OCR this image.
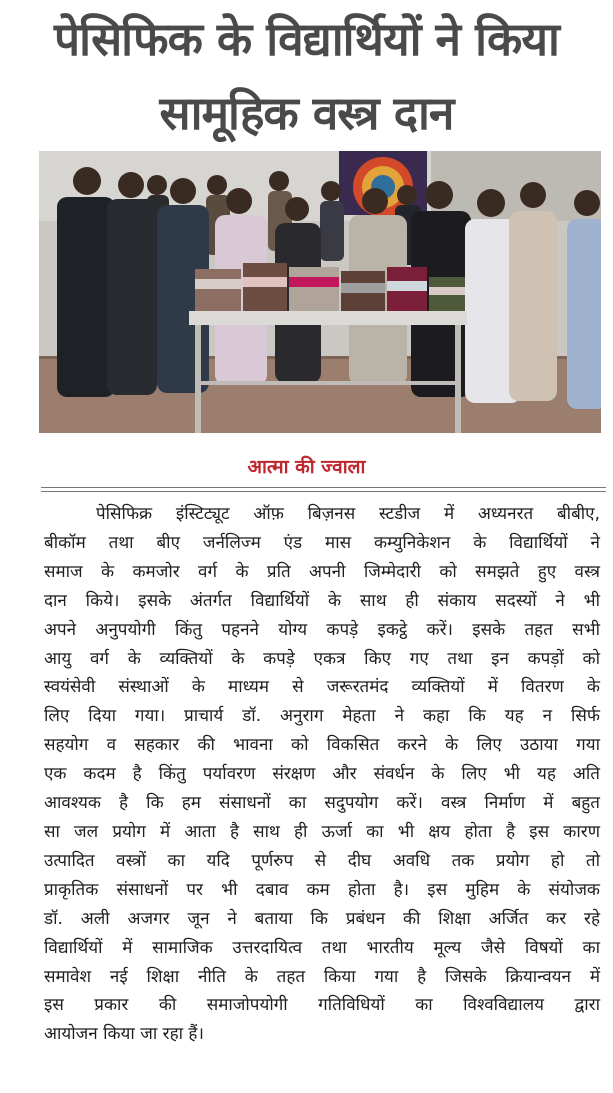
पेसिफिक के विद्यार्थियों ने किया
सामूहिक वस्त्र दान
आत्मा की ज्वाला
पेसिफिक्र इंस्टिट्यूट ऑफ़ बिज़नस स्टडीज में अध्यनरत बीबीए,
बीकॉम तथा बीए जर्नलिज्म एंड मास कम्युनिकेशन के विद्यार्थियों ने
समाज के कमजोर वर्ग के प्रति अपनी जिम्मेदारी को समझते हुए वस्त्र
दान किये। इसके अंतर्गत विद्यार्थियों के साथ ही संकाय सदस्यों ने भी
अपने अनुपयोगी किंतु पहनने योग्य कपड़े इकट्ठे करें। इसके तहत सभी
आयु वर्ग के व्यक्तियों के कपड़े एकत्र किए गए तथा इन कपड़ों को
स्वयंसेवी संस्थाओं के माध्यम से जरूरतमंद व्यक्तियों में वितरण के
लिए दिया गया। प्राचार्य डॉ. अनुराग मेहता ने कहा कि यह न सिर्फ
सहयोग व सहकार की भावना को विकसित करने के लिए उठाया गया
एक कदम है किंतु पर्यावरण संरक्षण और संवर्धन के लिए भी यह अति
आवश्यक है कि हम संसाधनों का सदुपयोग करें। वस्त्र निर्माण में बहुत
सा जल प्रयोग में आता है साथ ही ऊर्जा का भी क्षय होता है इस कारण
उत्पादित वस्त्रों का यदि पूर्णरुप से दीघ अवधि तक प्रयोग हो तो
प्राकृतिक संसाधनों पर भी दबाव कम होता है। इस मुहिम के संयोजक
डॉ. अली अजगर जून ने बताया कि प्रबंधन की शिक्षा अर्जित कर रहे
विद्यार्थियों में सामाजिक उत्तरदायित्व तथा भारतीय मूल्य जैसे विषयों का
समावेश नई शिक्षा नीति के तहत किया गया है जिसके क्रियान्वयन में
इस प्रकार की समाजोपयोगी गतिविधियों का विश्वविद्यालय द्वारा
आयोजन किया जा रहा हैं।
